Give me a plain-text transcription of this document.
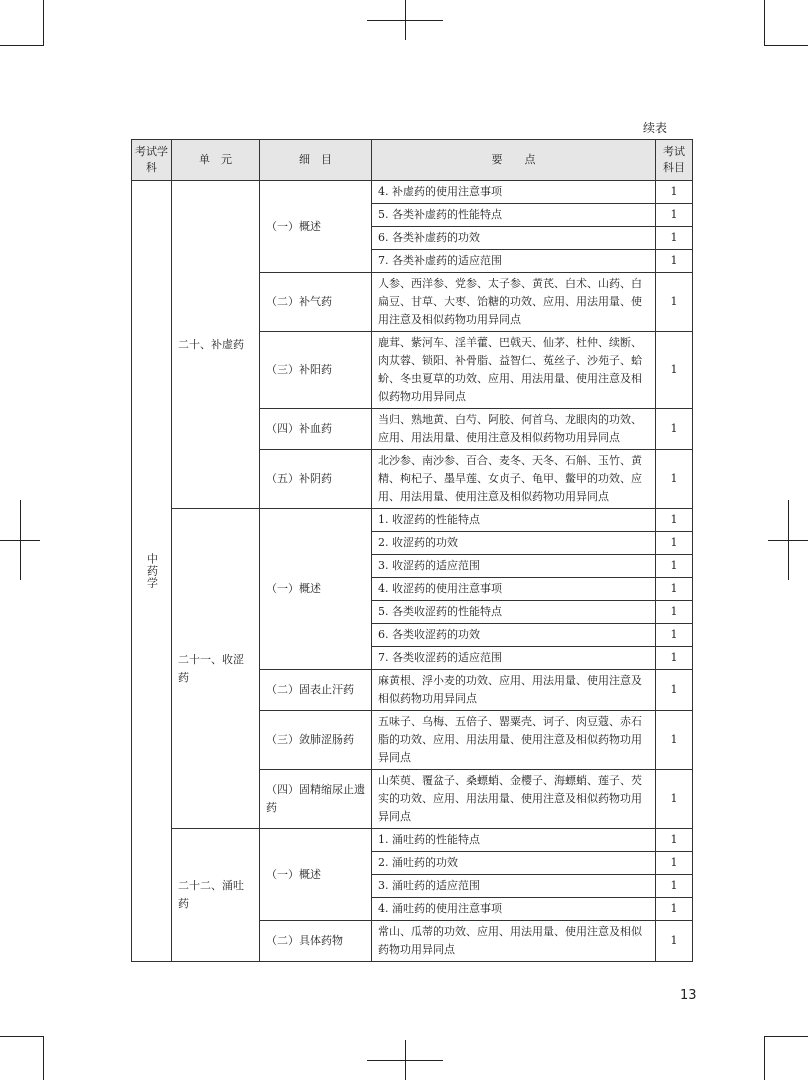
续表
考试学科	单　元	细　目	要　　点	考试科目
中药学	二十、补虚药	（一）概述	4. 补虚药的使用注意事项	1
			5. 各类补虚药的性能特点	1
			6. 各类补虚药的功效	1
			7. 各类补虚药的适应范围	1
		（二）补气药	人参、西洋参、党参、太子参、黄芪、白术、山药、白扁豆、甘草、大枣、饴糖的功效、应用、用法用量、使用注意及相似药物功用异同点	1
		（三）补阳药	鹿茸、紫河车、淫羊藿、巴戟天、仙茅、杜仲、续断、肉苁蓉、锁阳、补骨脂、益智仁、菟丝子、沙苑子、蛤蚧、冬虫夏草的功效、应用、用法用量、使用注意及相似药物功用异同点	1
		（四）补血药	当归、熟地黄、白芍、阿胶、何首乌、龙眼肉的功效、应用、用法用量、使用注意及相似药物功用异同点	1
		（五）补阴药	北沙参、南沙参、百合、麦冬、天冬、石斛、玉竹、黄精、枸杞子、墨旱莲、女贞子、龟甲、鳖甲的功效、应用、用法用量、使用注意及相似药物功用异同点	1
	二十一、收涩药	（一）概述	1. 收涩药的性能特点	1
			2. 收涩药的功效	1
			3. 收涩药的适应范围	1
			4. 收涩药的使用注意事项	1
			5. 各类收涩药的性能特点	1
			6. 各类收涩药的功效	1
			7. 各类收涩药的适应范围	1
		（二）固表止汗药	麻黄根、浮小麦的功效、应用、用法用量、使用注意及相似药物功用异同点	1
		（三）敛肺涩肠药	五味子、乌梅、五倍子、罂粟壳、诃子、肉豆蔻、赤石脂的功效、应用、用法用量、使用注意及相似药物功用异同点	1
		（四）固精缩尿止遗药	山茱萸、覆盆子、桑螵蛸、金樱子、海螵蛸、莲子、芡实的功效、应用、用法用量、使用注意及相似药物功用异同点	1
	二十二、涌吐药	（一）概述	1. 涌吐药的性能特点	1
			2. 涌吐药的功效	1
			3. 涌吐药的适应范围	1
			4. 涌吐药的使用注意事项	1
		（二）具体药物	常山、瓜蒂的功效、应用、用法用量、使用注意及相似药物功用异同点	1
13
